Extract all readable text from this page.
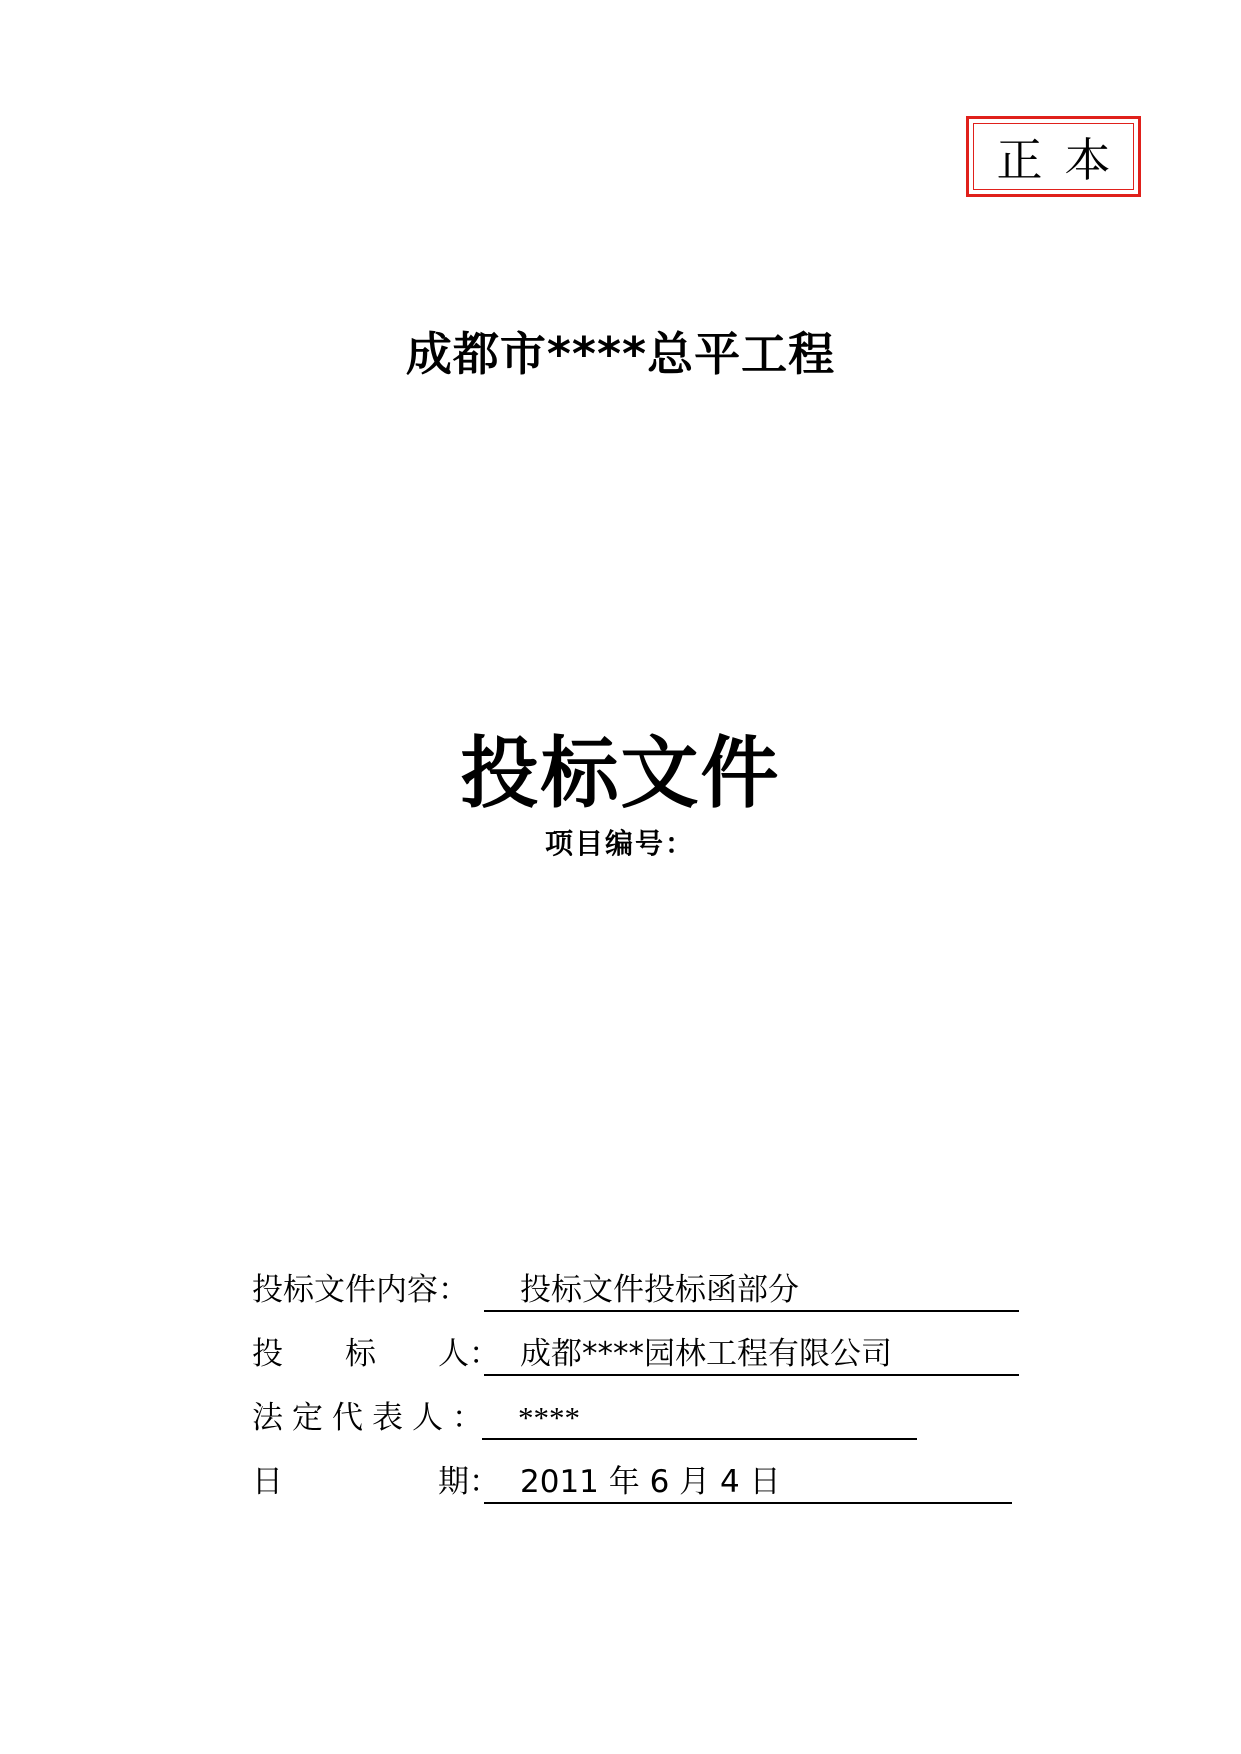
正本
成都市****总平工程
投标文件
项目编号：
投标文件内容：	投标文件投标函部分
投　　标　　人： 成都****园林工程有限公司
法定代表人： ****
日　　　　　期： 2011 年 6 月 4 日
